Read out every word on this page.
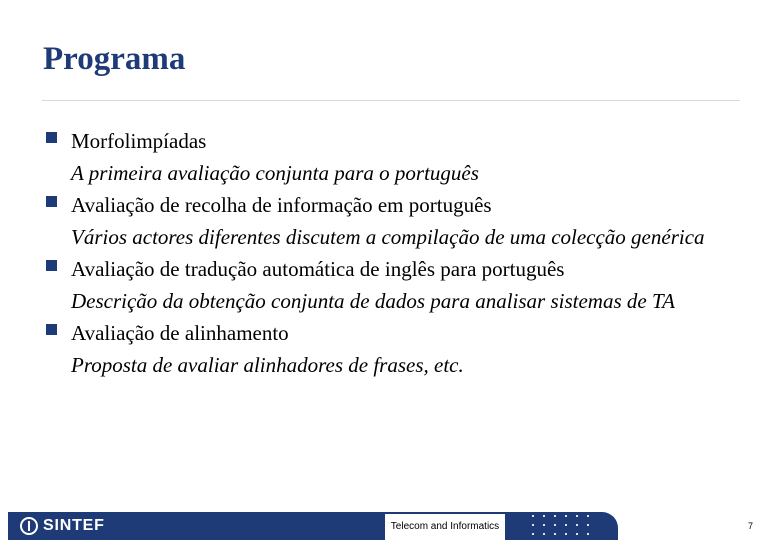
Programa
Morfolimpíadas
A primeira avaliação conjunta para o português
Avaliação de recolha de informação em português
Vários actores diferentes discutem a compilação de uma colecção genérica
Avaliação de tradução automática de inglês para português
Descrição da obtenção conjunta de dados para analisar sistemas de TA
Avaliação de alinhamento
Proposta de avaliar alinhadores de frases, etc.
SINTEF	Telecom and Informatics	7
